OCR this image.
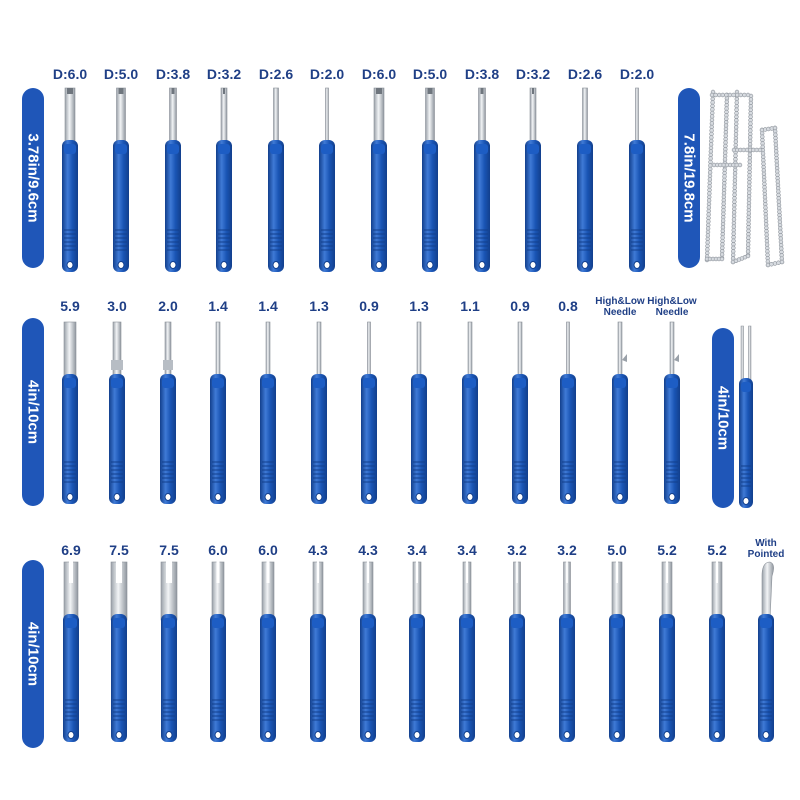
3.78in/9.6cm	7.8in/19.8cm
4in/10cm	4in/10cm
4in/10cm
D:6.0 D:5.0 D:3.8 D:3.2 D:2.6 D:2.0 D:6.0 D:5.0 D:3.8 D:3.2 D:2.6 D:2.0
5.9 3.0 2.0 1.4 1.4 1.3 0.9 1.3 1.1 0.9 0.8 High&Low
Needle
High&Low
Needle
6.9 7.5 7.5 6.0 6.0 4.3 4.3 3.4 3.4 3.2 3.2 5.0 5.2 5.2	With
Pointed
